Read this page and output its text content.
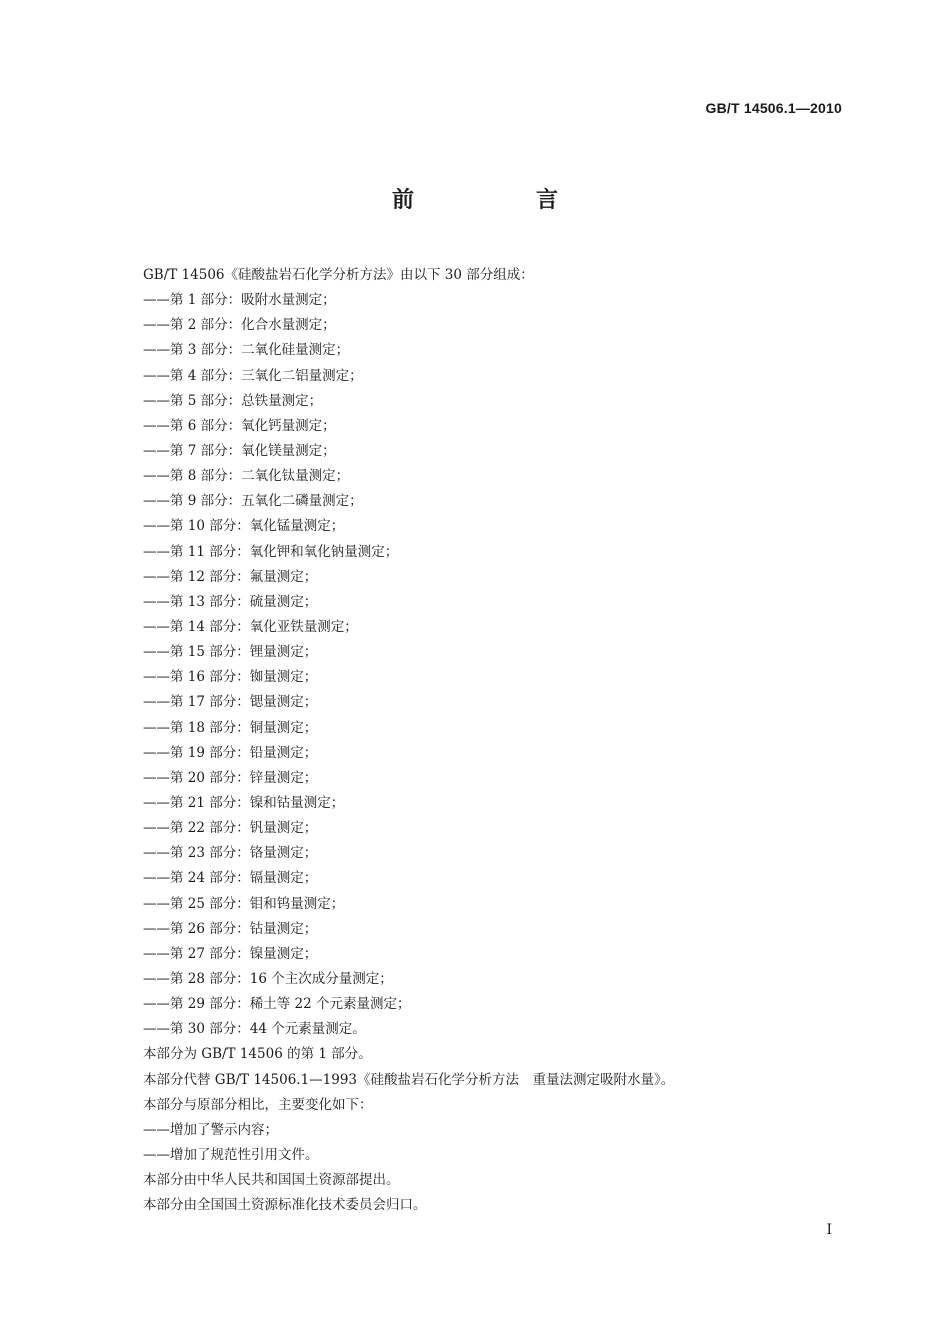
GB/T 14506.1—2010
前　言
GB/T 14506《硅酸盐岩石化学分析方法》由以下 30 部分组成：
——第 1 部分：吸附水量测定；
——第 2 部分：化合水量测定；
——第 3 部分：二氧化硅量测定；
——第 4 部分：三氧化二铝量测定；
——第 5 部分：总铁量测定；
——第 6 部分：氧化钙量测定；
——第 7 部分：氧化镁量测定；
——第 8 部分：二氧化钛量测定；
——第 9 部分：五氧化二磷量测定；
——第 10 部分：氧化锰量测定；
——第 11 部分：氧化钾和氧化钠量测定；
——第 12 部分：氟量测定；
——第 13 部分：硫量测定；
——第 14 部分：氧化亚铁量测定；
——第 15 部分：锂量测定；
——第 16 部分：铷量测定；
——第 17 部分：锶量测定；
——第 18 部分：铜量测定；
——第 19 部分：铅量测定；
——第 20 部分：锌量测定；
——第 21 部分：镍和钴量测定；
——第 22 部分：钒量测定；
——第 23 部分：铬量测定；
——第 24 部分：镉量测定；
——第 25 部分：钼和钨量测定；
——第 26 部分：钴量测定；
——第 27 部分：镍量测定；
——第 28 部分：16 个主次成分量测定；
——第 29 部分：稀土等 22 个元素量测定；
——第 30 部分：44 个元素量测定。
本部分为 GB/T 14506 的第 1 部分。
本部分代替 GB/T 14506.1—1993《硅酸盐岩石化学分析方法　重量法测定吸附水量》。
本部分与原部分相比，主要变化如下：
——增加了警示内容；
——增加了规范性引用文件。
本部分由中华人民共和国国土资源部提出。
本部分由全国国土资源标准化技术委员会归口。
I
